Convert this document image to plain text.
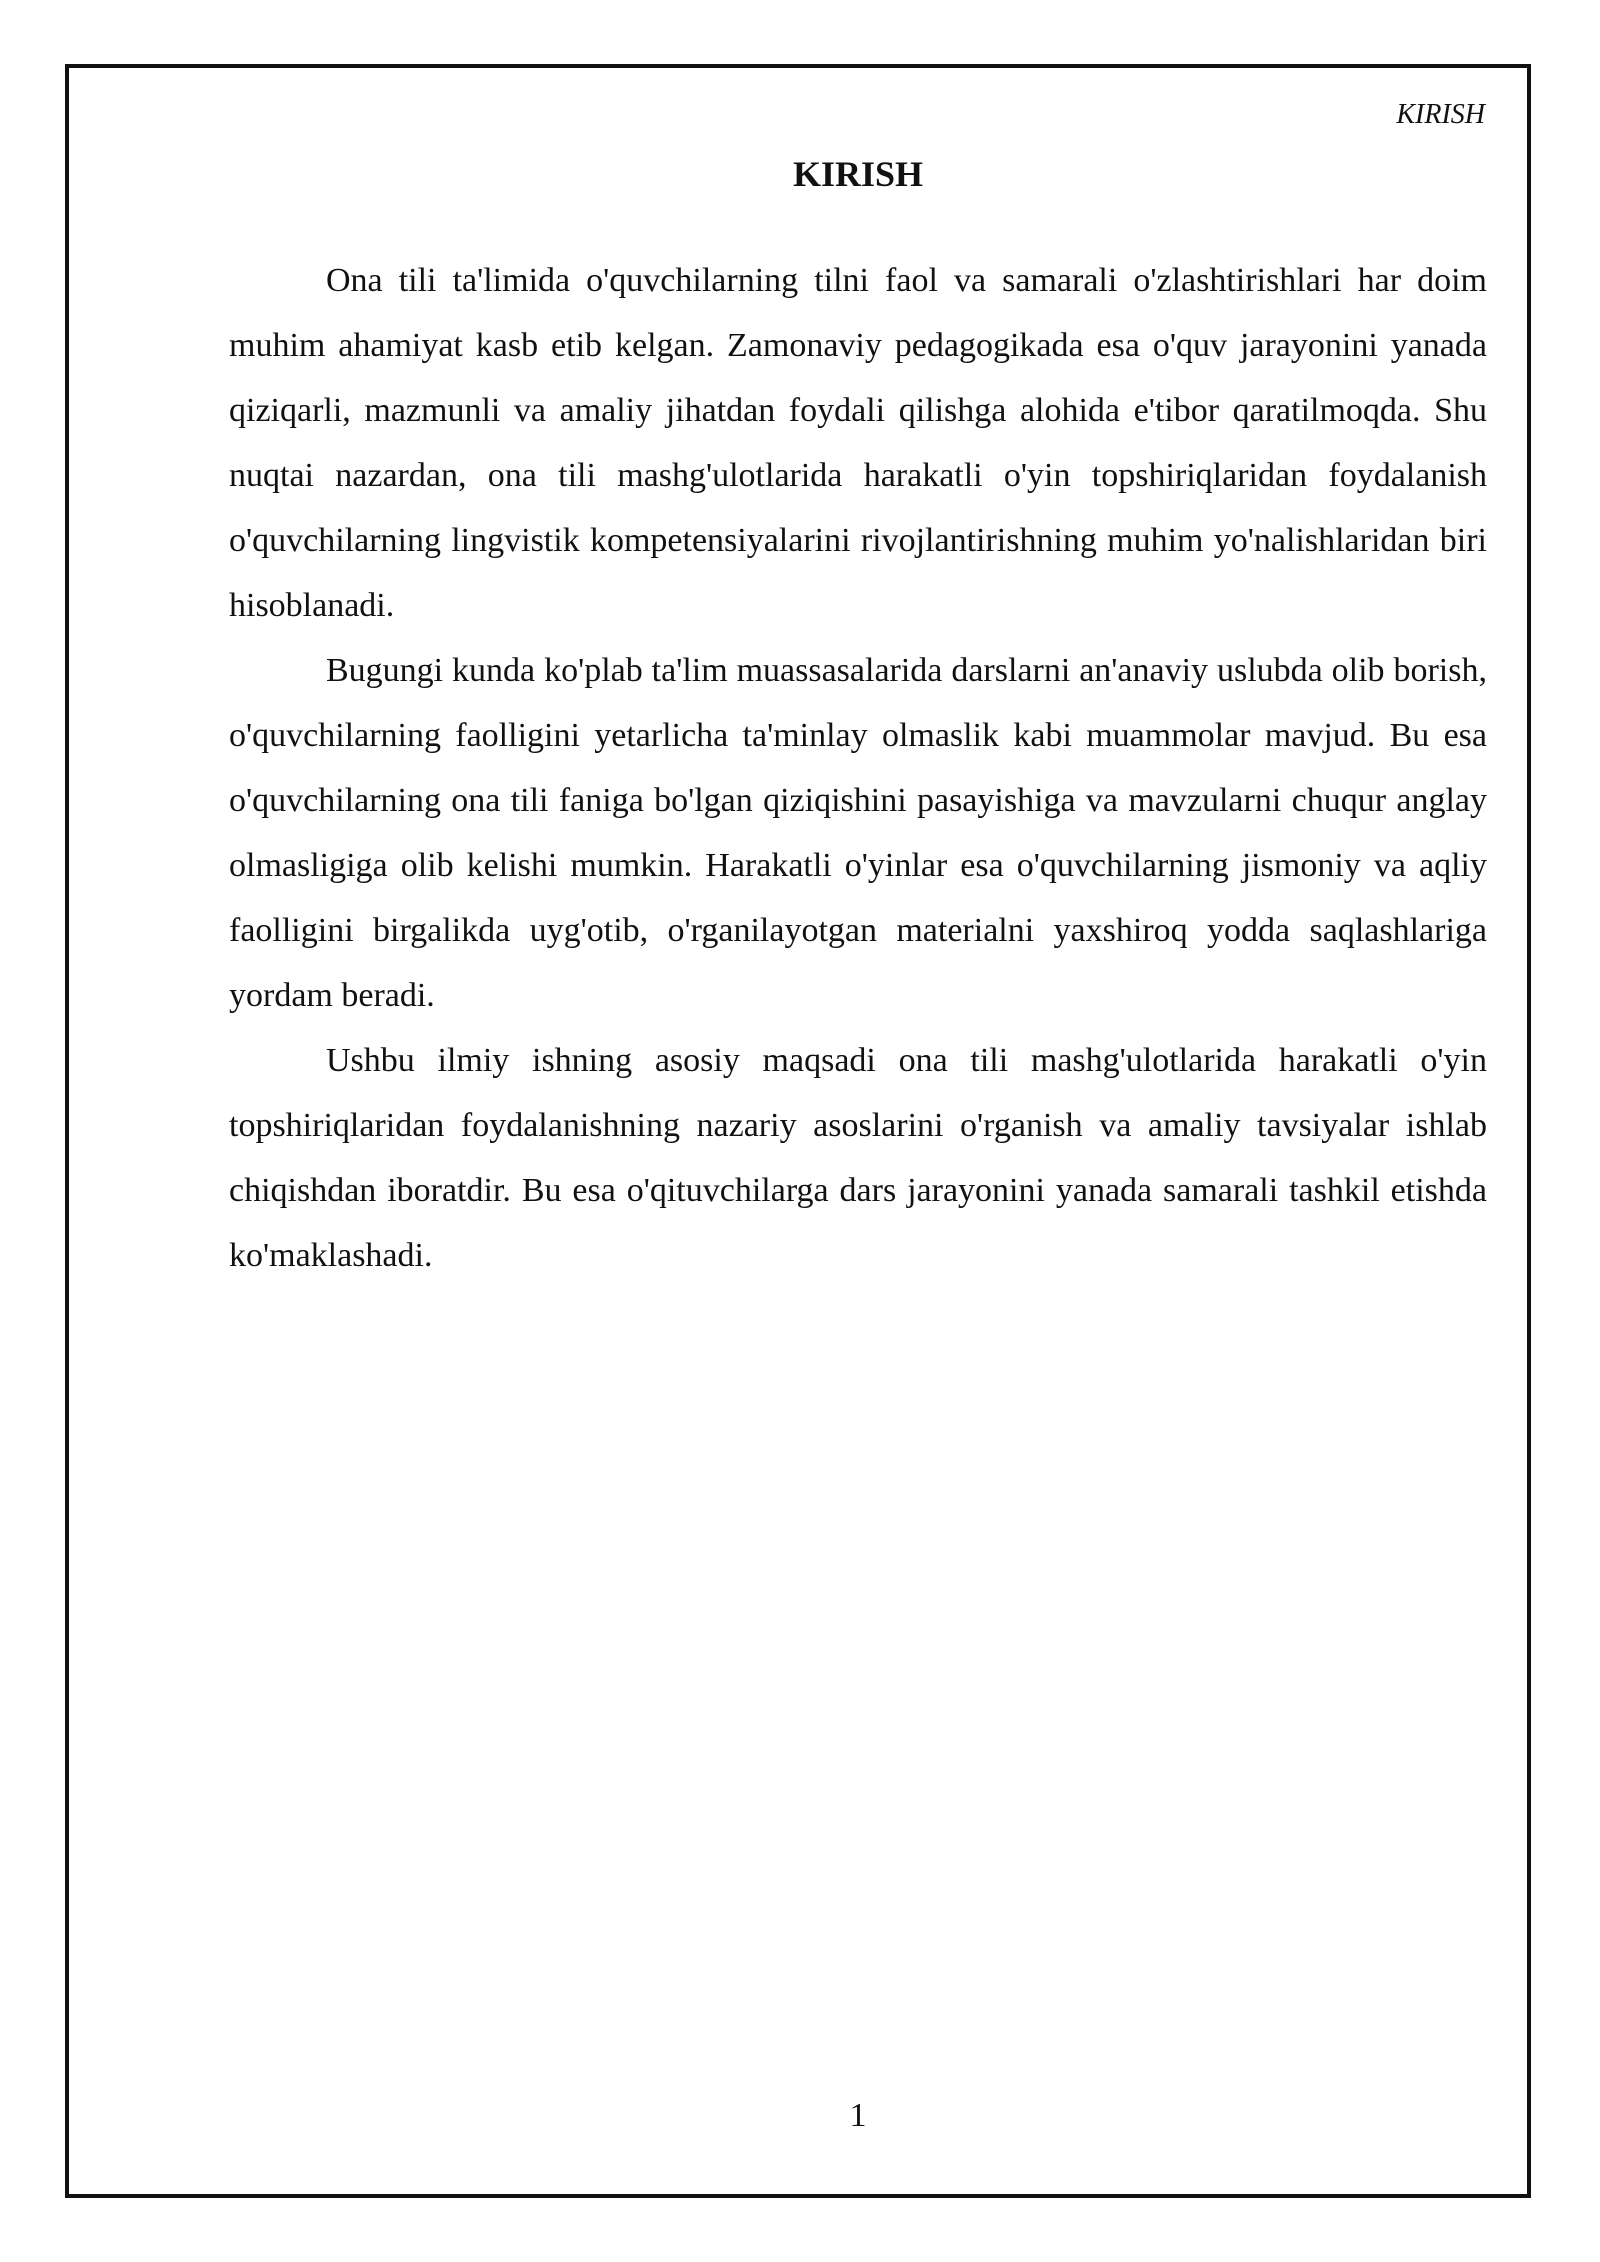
KIRISH
KIRISH

Ona tili ta'limida o'quvchilarning tilni faol va samarali o'zlashtirishlari har doim muhim ahamiyat kasb etib kelgan. Zamonaviy pedagogikada esa o'quv jarayonini yanada qiziqarli, mazmunli va amaliy jihatdan foydali qilishga alohida e'tibor qaratilmoqda. Shu nuqtai nazardan, ona tili mashg'ulotlarida harakatli o'yin topshiriqlaridan foydalanish o'quvchilarning lingvistik kompetensiyalarini rivojlantirishning muhim yo'nalishlaridan biri hisoblanadi.

Bugungi kunda ko'plab ta'lim muassasalarida darslarni an'anaviy uslubda olib borish, o'quvchilarning faolligini yetarlicha ta'minlay olmaslik kabi muammolar mavjud. Bu esa o'quvchilarning ona tili faniga bo'lgan qiziqishini pasayishiga va mavzularni chuqur anglay olmasligiga olib kelishi mumkin. Harakatli o'yinlar esa o'quvchilarning jismoniy va aqliy faolligini birgalikda uyg'otib, o'rganilayotgan materialni yaxshiroq yodda saqlashlariga yordam beradi.

Ushbu ilmiy ishning asosiy maqsadi ona tili mashg'ulotlarida harakatli o'yin topshiriqlaridan foydalanishning nazariy asoslarini o'rganish va amaliy tavsiyalar ishlab chiqishdan iboratdir. Bu esa o'qituvchilarga dars jarayonini yanada samarali tashkil etishda ko'maklashadi.

1
